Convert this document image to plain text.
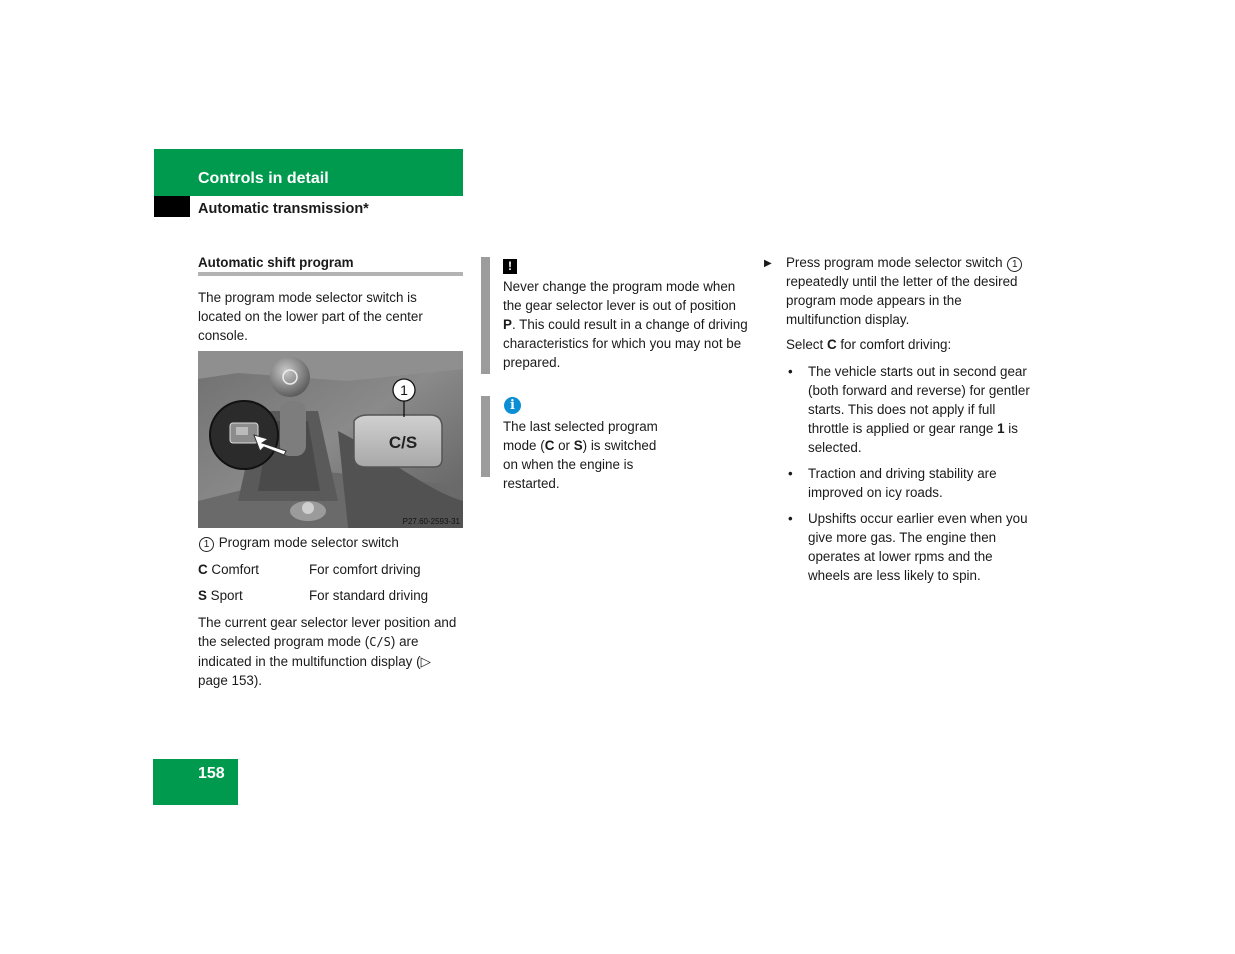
Controls in detail
Automatic transmission*
Automatic shift program

The program mode selector switch is located on the lower part of the center console.

1
C/S
P27.60-2593-31
1 Program mode selector switch
C Comfort	For comfort driving
S Sport	For standard driving

The current gear selector lever position and the selected program mode (C/S) are indicated in the multifunction display (▷ page 153).

!

Never change the program mode when the gear selector lever is out of position P. This could result in a change of driving characteristics for which you may not be prepared.

i

The last selected program mode (C or S) is switched on when the engine is restarted.

▶ Press program mode selector switch 1 repeatedly until the letter of the desired program mode appears in the multifunction display.

Select C for comfort driving:

• The vehicle starts out in second gear (both forward and reverse) for gentler starts. This does not apply if full throttle is applied or gear range 1 is selected.
• Traction and driving stability are improved on icy roads.
• Upshifts occur earlier even when you give more gas. The engine then operates at lower rpms and the wheels are less likely to spin.
158
